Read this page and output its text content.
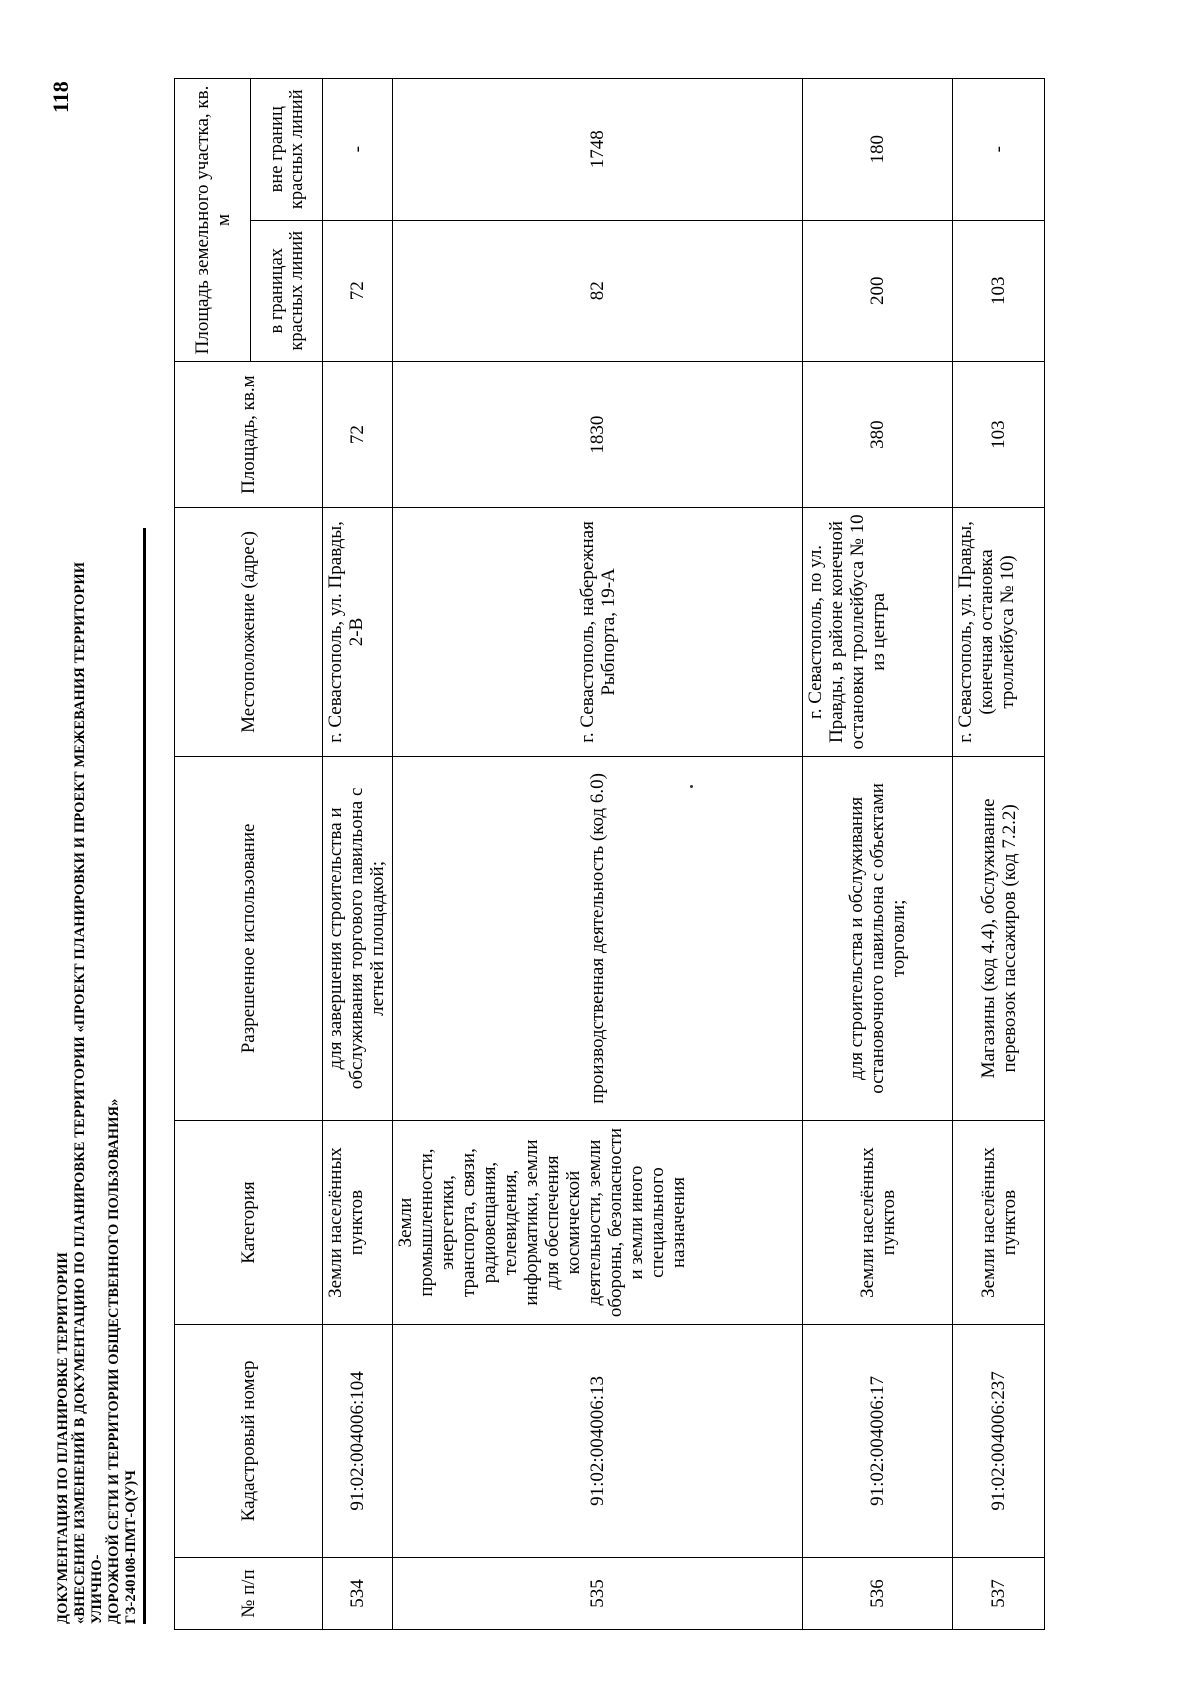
ДОКУМЕНТАЦИЯ ПО ПЛАНИРОВКЕ ТЕРРИТОРИИ «ВНЕСЕНИЕ ИЗМЕНЕНИЙ В ДОКУМЕНТАЦИЮ ПО ПЛАНИРОВКЕ ТЕРРИТОРИИ «ПРОЕКТ ПЛАНИРОВКИ И ПРОЕКТ МЕЖЕВАНИЯ ТЕРРИТОРИИ УЛИЧНО- ДОРОЖНОЙ СЕТИ И ТЕРРИТОРИИ ОБЩЕСТВЕННОГО ПОЛЬЗОВАНИЯ» ГЗ-240108-ПМТ-О(У)Ч
118
№ п/п	Кадастровый номер	Категория	Разрешенное использование	Местоположение (адрес)	Площадь, кв.м	Площадь земельного участка, кв. м	
						в границах красных линий	вне границ красных линий
534	91:02:004006:104	Земли населённых пунктов	для завершения строительства и обслуживания торгового павильона с летней площадкой;	г. Севастополь, ул. Правды, 2-В	72	72	-
535	91:02:004006:13	Земли промышленности, энергетики, транспорта, связи, радиовещания, телевидения, информатики, земли для обеспечения космической деятельности, земли обороны, безопасности и земли иного специального назначения	производственная деятельность (код 6.0)	г. Севастополь, набережная Рыбпорта, 19-А	1830	82	1748
536	91:02:004006:17	Земли населённых пунктов	для строительства и обслуживания остановочного павильона с объектами торговли;	г. Севастополь, по ул. Правды, в районе конечной остановки троллейбуса № 10 из центра	380	200	180
537	91:02:004006:237	Земли населённых пунктов	Магазины (код 4.4), обслуживание перевозок пассажиров (код 7.2.2)	г. Севастополь, ул. Правды, (конечная остановка троллейбуса № 10)	103	103	-
